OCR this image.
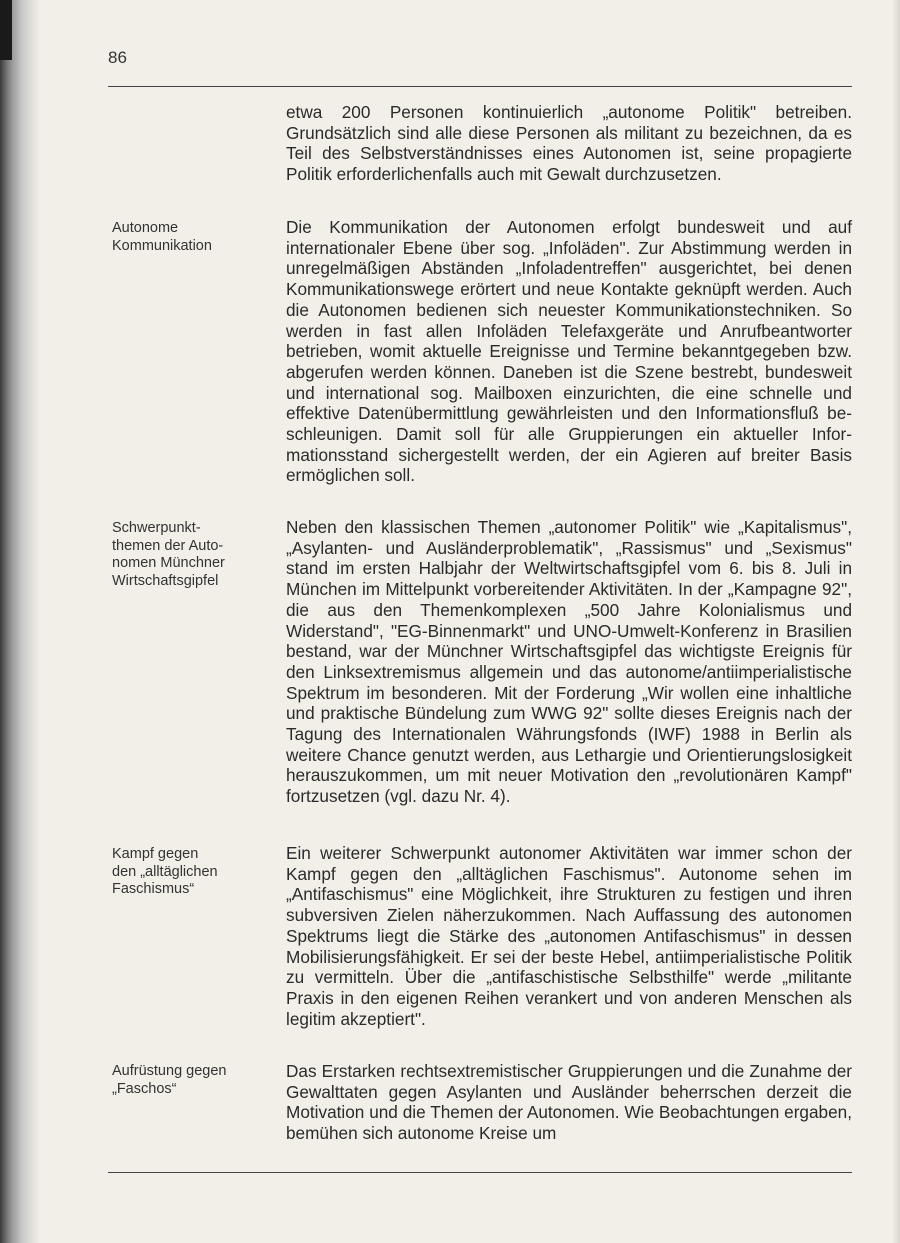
86
Autonome Kommunikation
Schwerpunkt-
themen der Auto-
nomen Münchner
Wirtschaftsgipfel
Kampf gegen
den „alltäglichen
Faschismus“
Aufrüstung gegen
„Faschos“
etwa 200 Personen kontinuierlich „autonome Politik" betreiben. Grundsätzlich sind alle diese Personen als militant zu bezeichnen, da es Teil des Selbstverständnisses eines Autonomen ist, seine propagierte Politik erforderlichenfalls auch mit Gewalt durchzusetzen.
Die Kommunikation der Autonomen erfolgt bundesweit und auf internationaler Ebene über sog. „Infoläden". Zur Abstimmung werden in unregelmäßigen Abständen „Infoladentreffen" ausgerichtet, bei denen Kommunikationswege erörtert und neue Kontakte geknüpft werden. Auch die Autonomen bedienen sich neuester Kommunikationstechniken. So werden in fast allen Infoläden Telefaxgeräte und Anrufbeantworter betrieben, womit aktuelle Ereignisse und Termine bekanntgegeben bzw. abgerufen werden können. Daneben ist die Szene bestrebt, bundesweit und international sog. Mailboxen einzurichten, die eine schnelle und effektive Datenübermittlung gewährleisten und den Informationsfluß beschleunigen. Damit soll für alle Gruppierungen ein aktueller Informationsstand sichergestellt werden, der ein Agieren auf breiter Basis ermöglichen soll.
Neben den klassischen Themen „autonomer Politik" wie „Kapitalismus", „Asylanten- und Ausländerproblematik", „Rassismus" und „Sexismus" stand im ersten Halbjahr der Weltwirtschaftsgipfel vom 6. bis 8. Juli in München im Mittelpunkt vorbereitender Aktivitäten. In der „Kampagne 92", die aus den Themenkomplexen „500 Jahre Kolonialismus und Widerstand", "EG-Binnenmarkt" und UNO-Umwelt-Konferenz in Brasilien bestand, war der Münchner Wirtschaftsgipfel das wichtigste Ereignis für den Linksextremismus allgemein und das autonome/antiimperialistische Spektrum im besonderen. Mit der Forderung „Wir wollen eine inhaltliche und praktische Bündelung zum WWG 92" sollte dieses Ereignis nach der Tagung des Internationalen Währungsfonds (IWF) 1988 in Berlin als weitere Chance genutzt werden, aus Lethargie und Orientierungslosigkeit herauszukommen, um mit neuer Motivation den „revolutionären Kampf" fortzusetzen (vgl. dazu Nr. 4).
Ein weiterer Schwerpunkt autonomer Aktivitäten war immer schon der Kampf gegen den „alltäglichen Faschismus". Autonome sehen im „Antifaschismus" eine Möglichkeit, ihre Strukturen zu festigen und ihren subversiven Zielen näherzukommen. Nach Auffassung des autonomen Spektrums liegt die Stärke des „autonomen Antifaschismus" in dessen Mobilisierungsfähigkeit. Er sei der beste Hebel, antiimperialistische Politik zu vermitteln. Über die „antifaschistische Selbsthilfe" werde „militante Praxis in den eigenen Reihen verankert und von anderen Menschen als legitim akzeptiert".
Das Erstarken rechtsextremistischer Gruppierungen und die Zunahme der Gewalttaten gegen Asylanten und Ausländer beherrschen derzeit die Motivation und die Themen der Autonomen. Wie Beobachtungen ergaben, bemühen sich autonome Kreise um
